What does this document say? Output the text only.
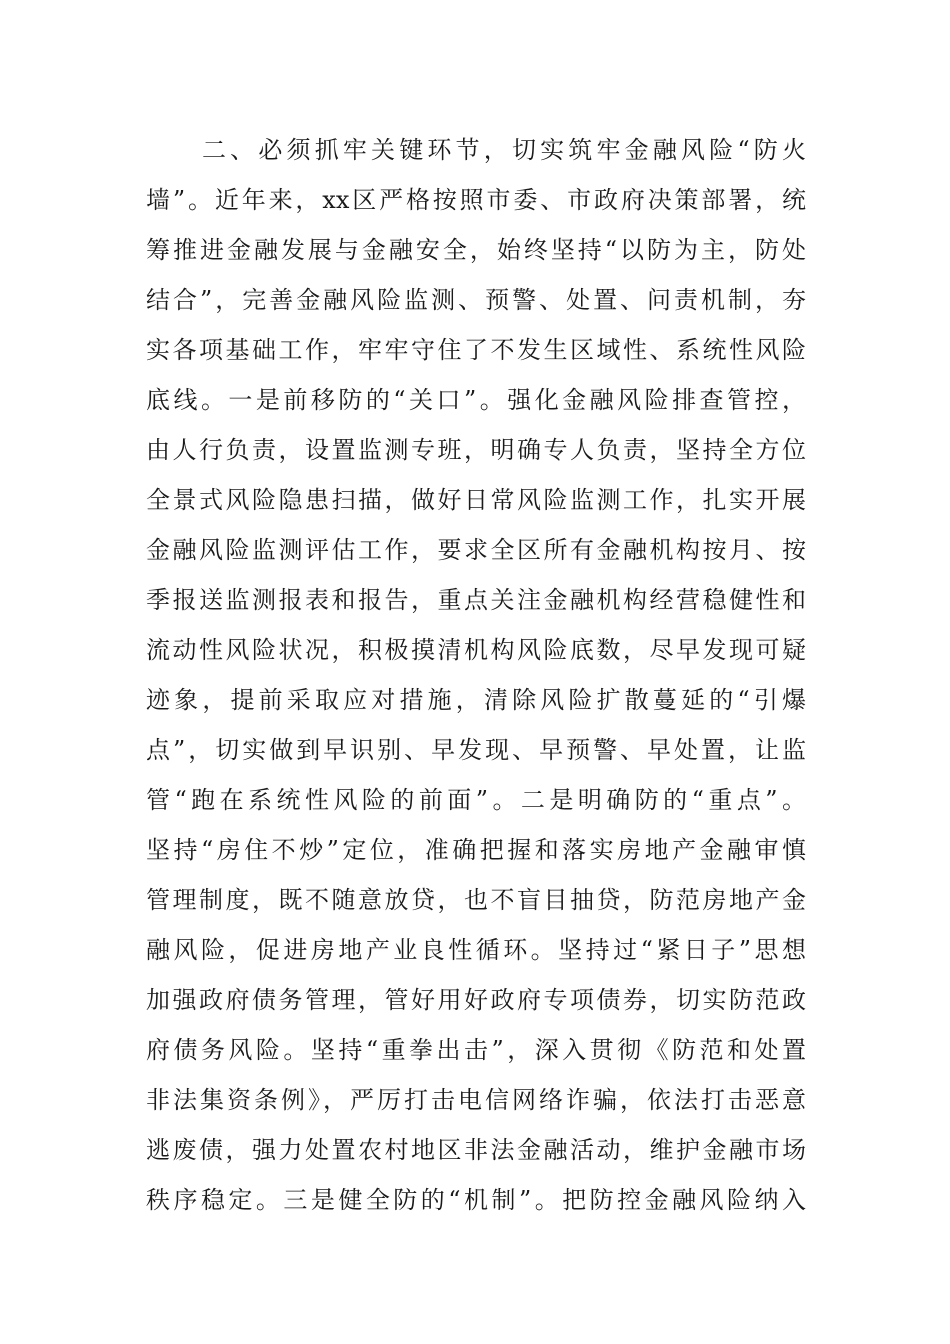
二、必须抓牢关键环节，切实筑牢金融风险“防火
墙”。近年来，xx区严格按照市委、市政府决策部署，统
筹推进金融发展与金融安全，始终坚持“以防为主，防处
结合”，完善金融风险监测、预警、处置、问责机制，夯
实各项基础工作，牢牢守住了不发生区域性、系统性风险
底线。一是前移防的“关口”。强化金融风险排查管控，
由人行负责，设置监测专班，明确专人负责，坚持全方位
全景式风险隐患扫描，做好日常风险监测工作，扎实开展
金融风险监测评估工作，要求全区所有金融机构按月、按
季报送监测报表和报告，重点关注金融机构经营稳健性和
流动性风险状况，积极摸清机构风险底数，尽早发现可疑
迹象，提前采取应对措施，清除风险扩散蔓延的“引爆
点”，切实做到早识别、早发现、早预警、早处置，让监
管“跑在系统性风险的前面”。二是明确防的“重点”。
坚持“房住不炒”定位，准确把握和落实房地产金融审慎
管理制度，既不随意放贷，也不盲目抽贷，防范房地产金
融风险，促进房地产业良性循环。坚持过“紧日子”思想
加强政府债务管理，管好用好政府专项债券，切实防范政
府债务风险。坚持“重拳出击”，深入贯彻《防范和处置
非法集资条例》，严厉打击电信网络诈骗，依法打击恶意
逃废债，强力处置农村地区非法金融活动，维护金融市场
秩序稳定。三是健全防的“机制”。把防控金融风险纳入
